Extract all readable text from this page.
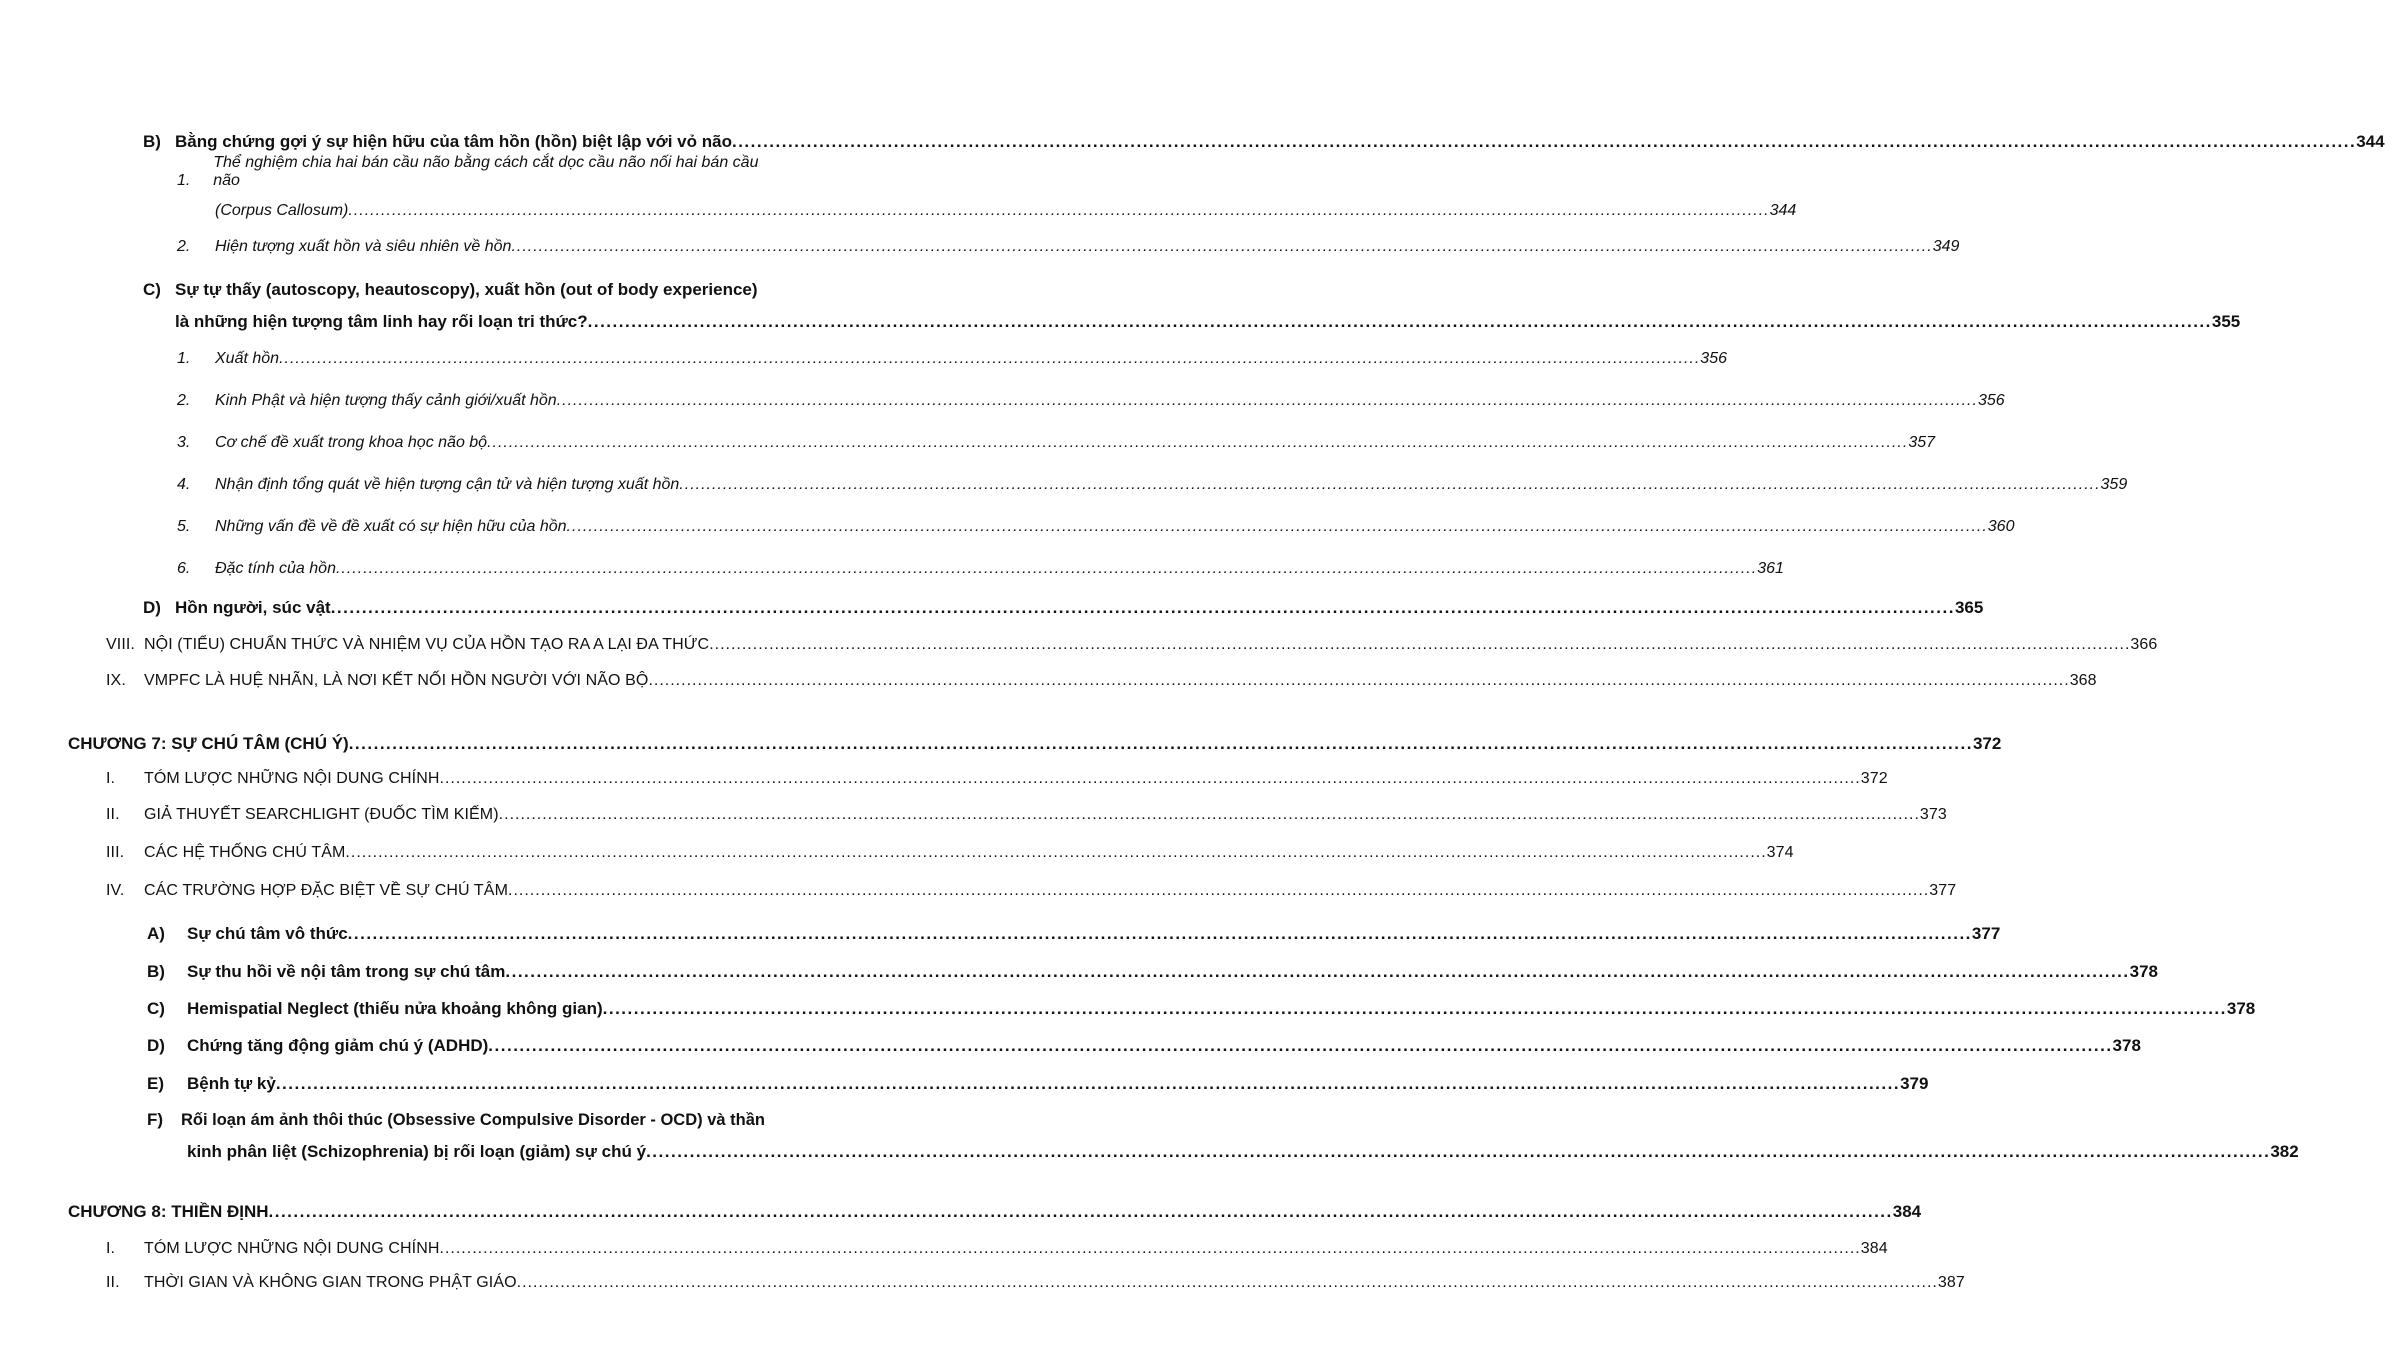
B) Bằng chứng gợi ý sự hiện hữu của tâm hồn (hồn) biệt lập với vỏ não .....	344
1.
Thể nghiệm chia hai bán cầu não bằng cách cắt dọc cầu não nối hai bán cầu não
(Corpus Callosum) .....	344
2.	Hiện tượng xuất hồn và siêu nhiên về hồn .....	349
C) Sự tự thấy (autoscopy, heautoscopy), xuất hồn (out of body experience)
là những hiện tượng tâm linh hay rối loạn tri thức? .....	355
1.	Xuất hồn .....	356
2.	Kinh Phật và hiện tượng thấy cảnh giới/xuất hồn .....	356
3.	Cơ chế đề xuất trong khoa học não bộ .....	357
4.	Nhận định tổng quát về hiện tượng cận tử và hiện tượng xuất hồn .....	359
5.	Những vấn đề về đề xuất có sự hiện hữu của hồn .....	360
6.	Đặc tính của hồn .....	361
D) Hồn người, súc vật .....	365
VIII. NỘI (TIỂU) CHUẨN THỨC VÀ NHIỆM VỤ CỦA HỒN TẠO RA A LẠI ĐA THỨC .....	366
IX.	VMPFC LÀ HUỆ NHÃN, LÀ NƠI KẾT NỐI HỒN NGƯỜI VỚI NÃO BỘ .....	368
CHƯƠNG 7: SỰ CHÚ TÂM (CHÚ Ý) .....	372
I.	TÓM LƯỢC NHỮNG NỘI DUNG CHÍNH .....	372
II.	GIẢ THUYẾT SEARCHLIGHT (ĐUỐC TÌM KIẾM) .....	373
III.	CÁC HỆ THỐNG CHÚ TÂM .....	374
IV.	CÁC TRƯỜNG HỢP ĐẶC BIỆT VỀ SỰ CHÚ TÂM .....	377
A)	Sự chú tâm vô thức .....	377
B)	Sự thu hồi về nội tâm trong sự chú tâm .....	378
C)	Hemispatial Neglect (thiếu nửa khoảng không gian) .....	378
D)	Chứng tăng động giảm chú ý (ADHD) .....	378
E)	Bệnh tự kỷ .....	379
F)	Rối loạn ám ảnh thôi thúc (Obsessive Compulsive Disorder - OCD) và thần
kinh phân liệt (Schizophrenia) bị rối loạn (giảm) sự chú ý .....	382
CHƯƠNG 8: THIỀN ĐỊNH .....	384
I.	TÓM LƯỢC NHỮNG NỘI DUNG CHÍNH .....	384
II.	THỜI GIAN VÀ KHÔNG GIAN TRONG PHẬT GIÁO .....	387
